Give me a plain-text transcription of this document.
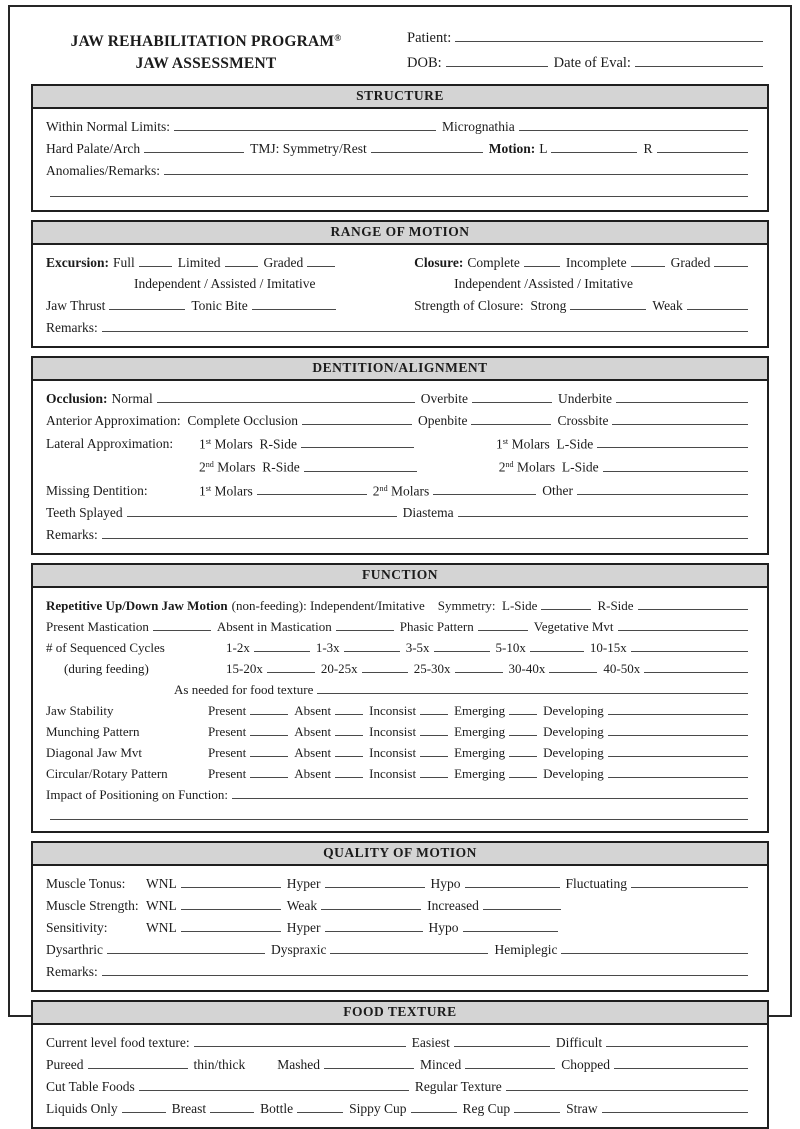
JAW REHABILITATION PROGRAM®
JAW ASSESSMENT
Patient:
DOB:	Date of Eval:
STRUCTURE
Within Normal Limits:	Micrognathia
Hard Palate/Arch	TMJ: Symmetry/Rest	Motion: L	R
Anomalies/Remarks:
RANGE OF MOTION
Excursion: Full	Limited	Graded	Closure: Complete	Incomplete	Graded
Independent / Assisted / Imitative	Independent /Assisted / Imitative
Jaw Thrust	Tonic Bite	Strength of Closure:  Strong	Weak
Remarks:
DENTITION/ALIGNMENT
Occlusion: Normal	Overbite	Underbite
Anterior Approximation:  Complete Occlusion	Openbite	Crossbite
Lateral Approximation:	1st Molars  R-Side	1st Molars  L-Side
2nd Molars  R-Side	2nd Molars  L-Side
Missing Dentition:	1st Molars	2nd Molars	Other
Teeth Splayed	Diastema
Remarks:
FUNCTION
Repetitive Up/Down Jaw Motion (non-feeding): Independent/Imitative Symmetry:  L-Side	R-Side
Present Mastication	Absent in Mastication	Phasic Pattern	Vegetative Mvt
# of Sequenced Cycles	1-2x	1-3x	3-5x	5-10x	10-15x
(during feeding)	15-20x	20-25x	25-30x	30-40x	40-50x
As needed for food texture
Jaw Stability	Present	Absent	Inconsist	Emerging	Developing
Munching Pattern	Present	Absent	Inconsist	Emerging	Developing
Diagonal Jaw Mvt	Present	Absent	Inconsist	Emerging	Developing
Circular/Rotary Pattern	Present	Absent	Inconsist	Emerging	Developing
Impact of Positioning on Function:
QUALITY OF MOTION
Muscle Tonus:	WNL	Hyper	Hypo	Fluctuating
Muscle Strength: WNL	Weak	Increased
Sensitivity:	WNL	Hyper	Hypo
Dysarthric	Dyspraxic	Hemiplegic
Remarks:
FOOD TEXTURE
Current level food texture:	Easiest	Difficult
Pureed	thin/thick Mashed	Minced	Chopped
Cut Table Foods	Regular Texture
Liquids Only	Breast	Bottle	Sippy Cup	Reg Cup	Straw
